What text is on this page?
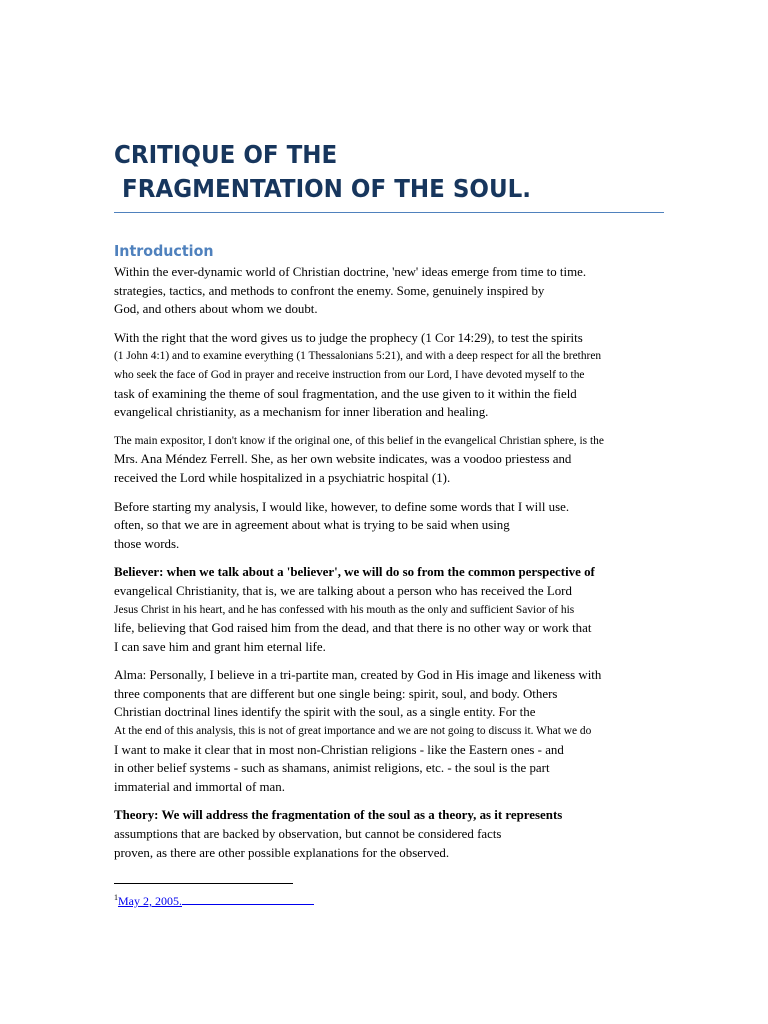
CRITIQUE OF THE
FRAGMENTATION OF THE SOUL.
Introduction
Within the ever-dynamic world of Christian doctrine, 'new' ideas emerge from time to time.
strategies, tactics, and methods to confront the enemy. Some, genuinely inspired by
God, and others about whom we doubt.
With the right that the word gives us to judge the prophecy (1 Cor 14:29), to test the spirits
(1 John 4:1) and to examine everything (1 Thessalonians 5:21), and with a deep respect for all the brethren
who seek the face of God in prayer and receive instruction from our Lord, I have devoted myself to the
task of examining the theme of soul fragmentation, and the use given to it within the field
evangelical christianity, as a mechanism for inner liberation and healing.
The main expositor, I don't know if the original one, of this belief in the evangelical Christian sphere, is the
Mrs. Ana Méndez Ferrell. She, as her own website indicates, was a voodoo priestess and
received the Lord while hospitalized in a psychiatric hospital (1).
Before starting my analysis, I would like, however, to define some words that I will use.
often, so that we are in agreement about what is trying to be said when using
those words.
Believer: when we talk about a 'believer', we will do so from the common perspective of
evangelical Christianity, that is, we are talking about a person who has received the Lord
Jesus Christ in his heart, and he has confessed with his mouth as the only and sufficient Savior of his
life, believing that God raised him from the dead, and that there is no other way or work that
I can save him and grant him eternal life.
Alma: Personally, I believe in a tri-partite man, created by God in His image and likeness with
three components that are different but one single being: spirit, soul, and body. Others
Christian doctrinal lines identify the spirit with the soul, as a single entity. For the
At the end of this analysis, this is not of great importance and we are not going to discuss it. What we do
I want to make it clear that in most non-Christian religions - like the Eastern ones - and
in other belief systems - such as shamans, animist religions, etc. - the soul is the part
immaterial and immortal of man.
Theory: We will address the fragmentation of the soul as a theory, as it represents
assumptions that are backed by observation, but cannot be considered facts
proven, as there are other possible explanations for the observed.
$^1$May 2, 2005.
